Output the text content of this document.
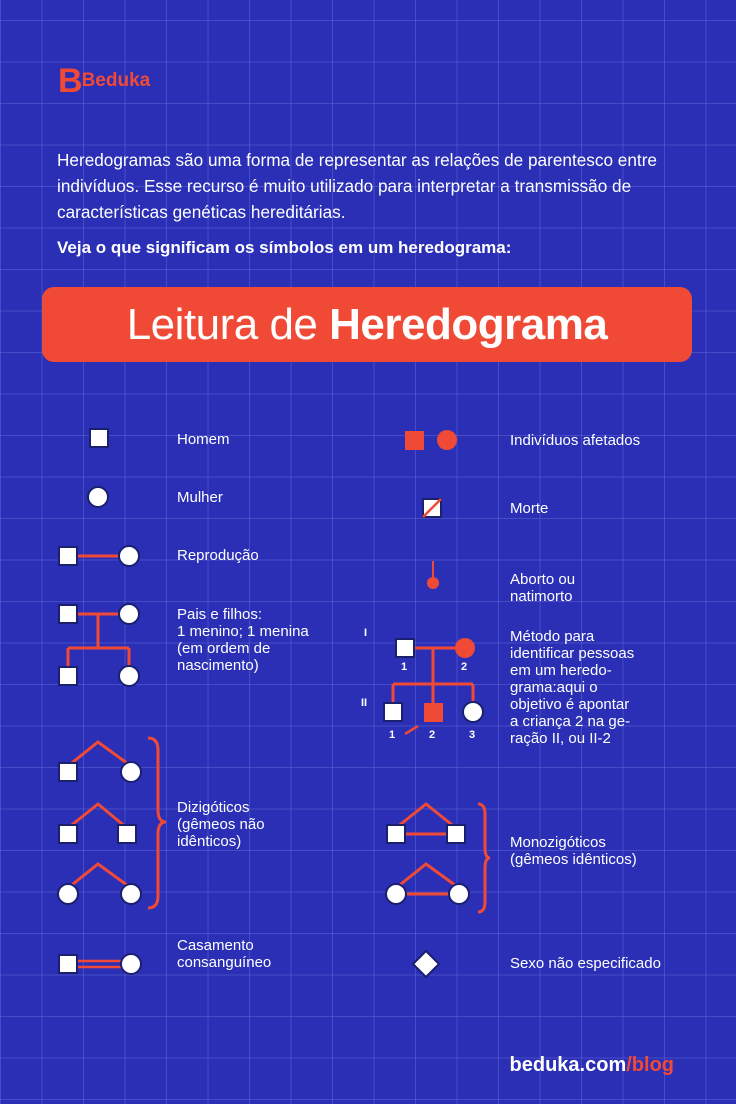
B Beduka
Heredogramas são uma forma de representar as relações de parentesco entre indivíduos. Esse recurso é muito utilizado para interpretar a transmissão de características genéticas hereditárias.
Veja o que significam os símbolos em um heredograma:
Leitura de Heredograma
I
II
1	2
1	2	3
Homem
Mulher
Reprodução
Pais e filhos:
1 menino; 1 menina
(em ordem de
nascimento)
Dizigóticos
(gêmeos não
idênticos)
Casamento
consanguíneo
Indivíduos afetados
Morte
Aborto ou
natimorto
Método para
identificar pessoas
em um heredo-
grama:aqui o
objetivo é apontar
a criança 2 na ge-
ração II, ou II-2
Monozigóticos
(gêmeos idênticos)
Sexo não especificado
beduka.com/blog
